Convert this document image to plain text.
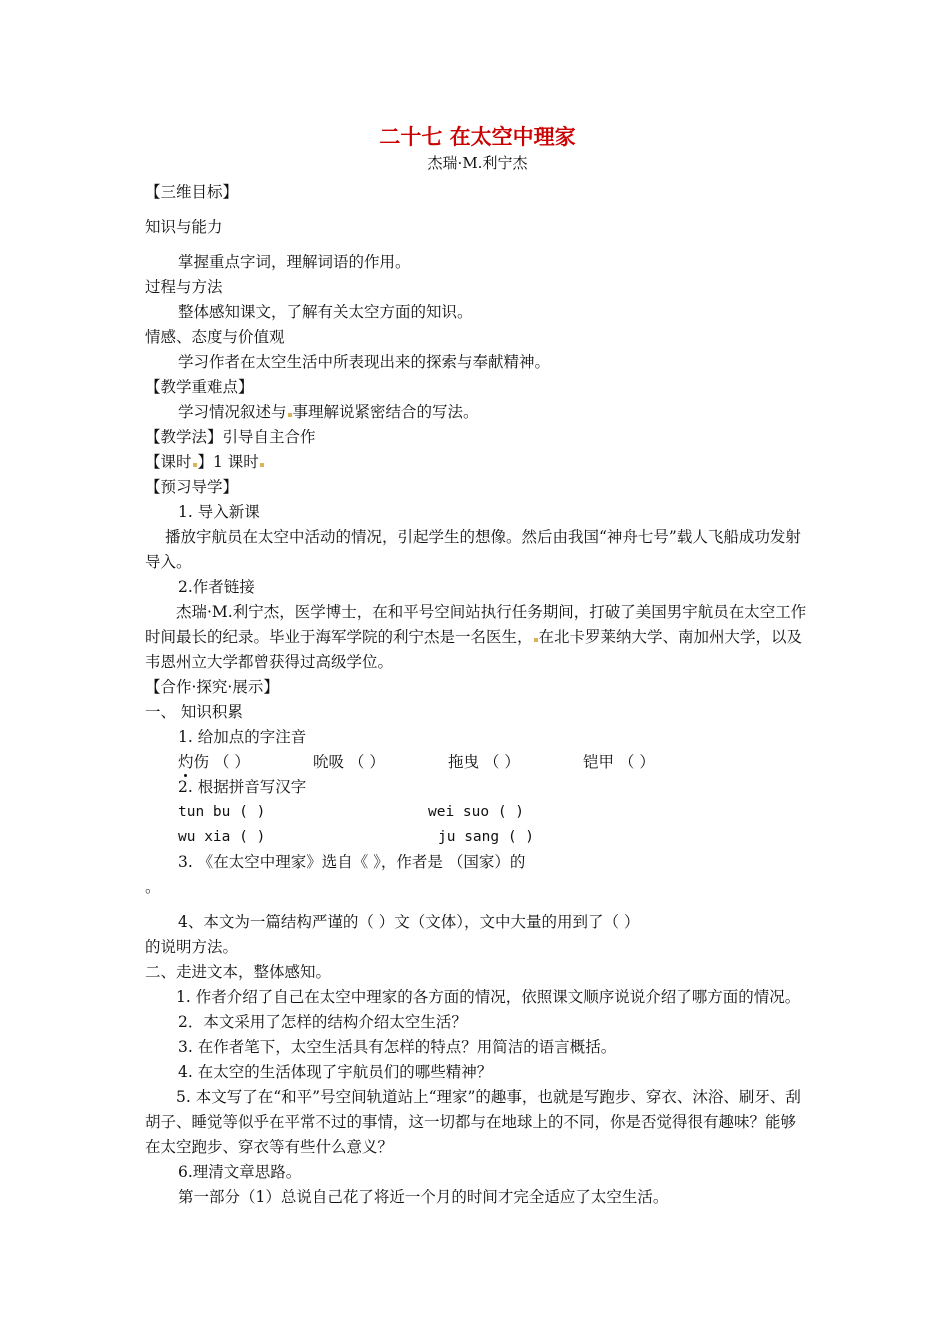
二十七 在太空中理家
杰瑞·M.利宁杰
【三维目标】
知识与能力
掌握重点字词，理解词语的作用。
过程与方法
整体感知课文，了解有关太空方面的知识。
情感、态度与价值观
学习作者在太空生活中所表现出来的探索与奉献精神。
【教学重难点】
学习情况叙述与 事理解说紧密结合的写法。
【教学法】引导自主合作
【课时 】1 课时
【预习导学】
1. 导入新课
播放宇航员在太空中活动的情况，引起学生的想像。然后由我国“神舟七号”载人飞船成功发射导入。
2.作者链接
杰瑞·M.利宁杰，医学博士，在和平号空间站执行任务期间，打破了美国男宇航员在太空工作时间最长的纪录。毕业于海军学院的利宁杰是一名医生， 在北卡罗莱纳大学、南加州大学，以及韦恩州立大学都曾获得过高级学位。
【合作·探究·展示】
一、 知识积累
1. 给加点的字注音
灼伤 （ ）	吮吸 （ ）	拖曳 （ ）	铠甲 （ ）
2. 根据拼音写汉字
tun bu ( )	wei suo ( )
wu xia ( )	ju sang ( )
3. 《在太空中理家》选自《 》，作者是 （国家）的
。
4、本文为一篇结构严谨的（ ）文（文体），文中大量的用到了（ ）
的说明方法。
二、走进文本，整体感知。
1. 作者介绍了自己在太空中理家的各方面的情况，依照课文顺序说说介绍了哪方面的情况。
2．本文采用了怎样的结构介绍太空生活？
3. 在作者笔下，太空生活具有怎样的特点？用简洁的语言概括。
4. 在太空的生活体现了宇航员们的哪些精神？
5. 本文写了在“和平”号空间轨道站上“理家”的趣事，也就是写跑步、穿衣、沐浴、刷牙、刮胡子、睡觉等似乎在平常不过的事情，这一切都与在地球上的不同，你是否觉得很有趣味？能够在太空跑步、穿衣等有些什么意义？
6.理清文章思路。
第一部分（1）总说自己花了将近一个月的时间才完全适应了太空生活。
